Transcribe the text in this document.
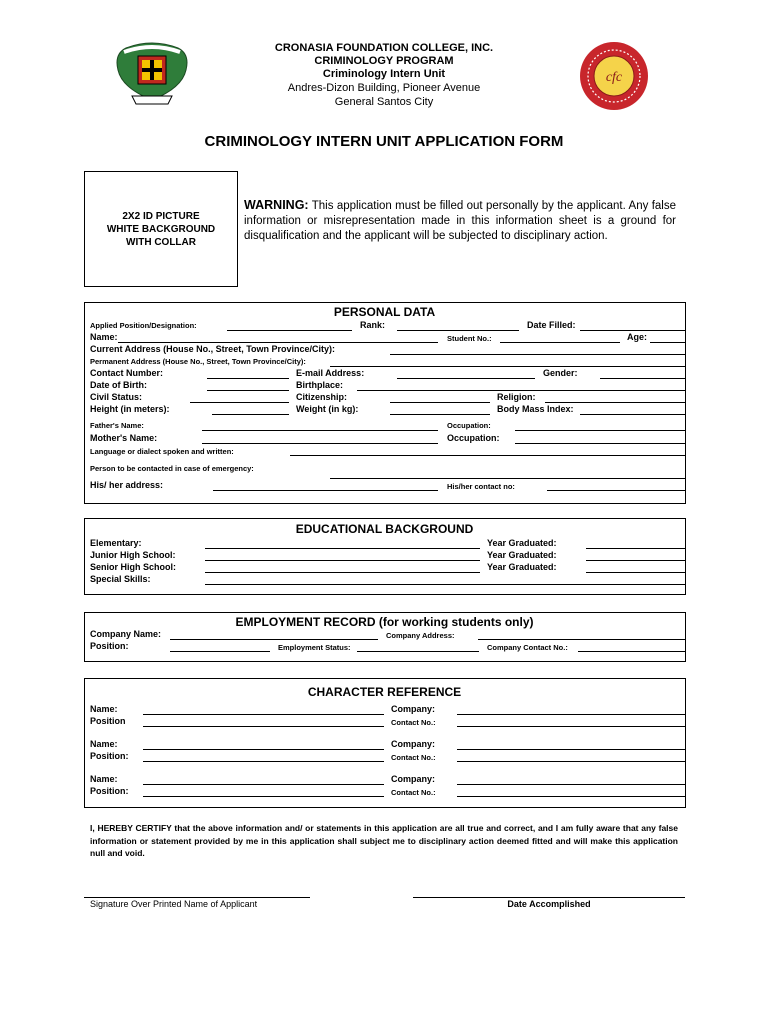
cfc
CRONASIA FOUNDATION COLLEGE, INC.
CRIMINOLOGY PROGRAM
Criminology Intern Unit
Andres-Dizon Building, Pioneer Avenue
General Santos City
CRIMINOLOGY INTERN UNIT APPLICATION FORM
2X2 ID PICTURE
WHITE BACKGROUND
WITH COLLAR
WARNING: This application must be filled out personally by the applicant. Any false information or misrepresentation made in this information sheet is a ground for disqualification and the applicant will be subjected to disciplinary action.
PERSONAL DATA
Applied Position/Designation:	Rank:	Date Filled:
Name:	Student No.:	Age:
Current Address (House No., Street, Town Province/City):
Permanent Address (House No., Street, Town Province/City):
Contact Number:	E-mail Address:	Gender:
Date of Birth:	Birthplace:
Civil Status:	Citizenship:	Religion:
Height (in meters):	Weight (in kg):	Body Mass Index:
Father's Name:	Occupation:
Mother's Name:	Occupation:
Language or dialect spoken and written:
Person to be contacted in case of emergency:
His/ her address:	His/her contact no:
EDUCATIONAL BACKGROUND
Elementary:	Year Graduated:
Junior High School:	Year Graduated:
Senior High School:	Year Graduated:
Special Skills:
EMPLOYMENT RECORD (for working students only)
Company Name:	Company Address:
Position:	Employment Status:	Company Contact No.:
CHARACTER REFERENCE
Name:	Company:
Position	Contact No.:
Name:	Company:
Position:	Contact No.:
Name:	Company:
Position:	Contact No.:
I, HEREBY CERTIFY that the above information and/ or statements in this application are all true and correct, and I am fully aware that any false information or statement provided by me in this application shall subject me to disciplinary action deemed fitted and will make this application null and void.
Signature Over Printed Name of Applicant	Date Accomplished
